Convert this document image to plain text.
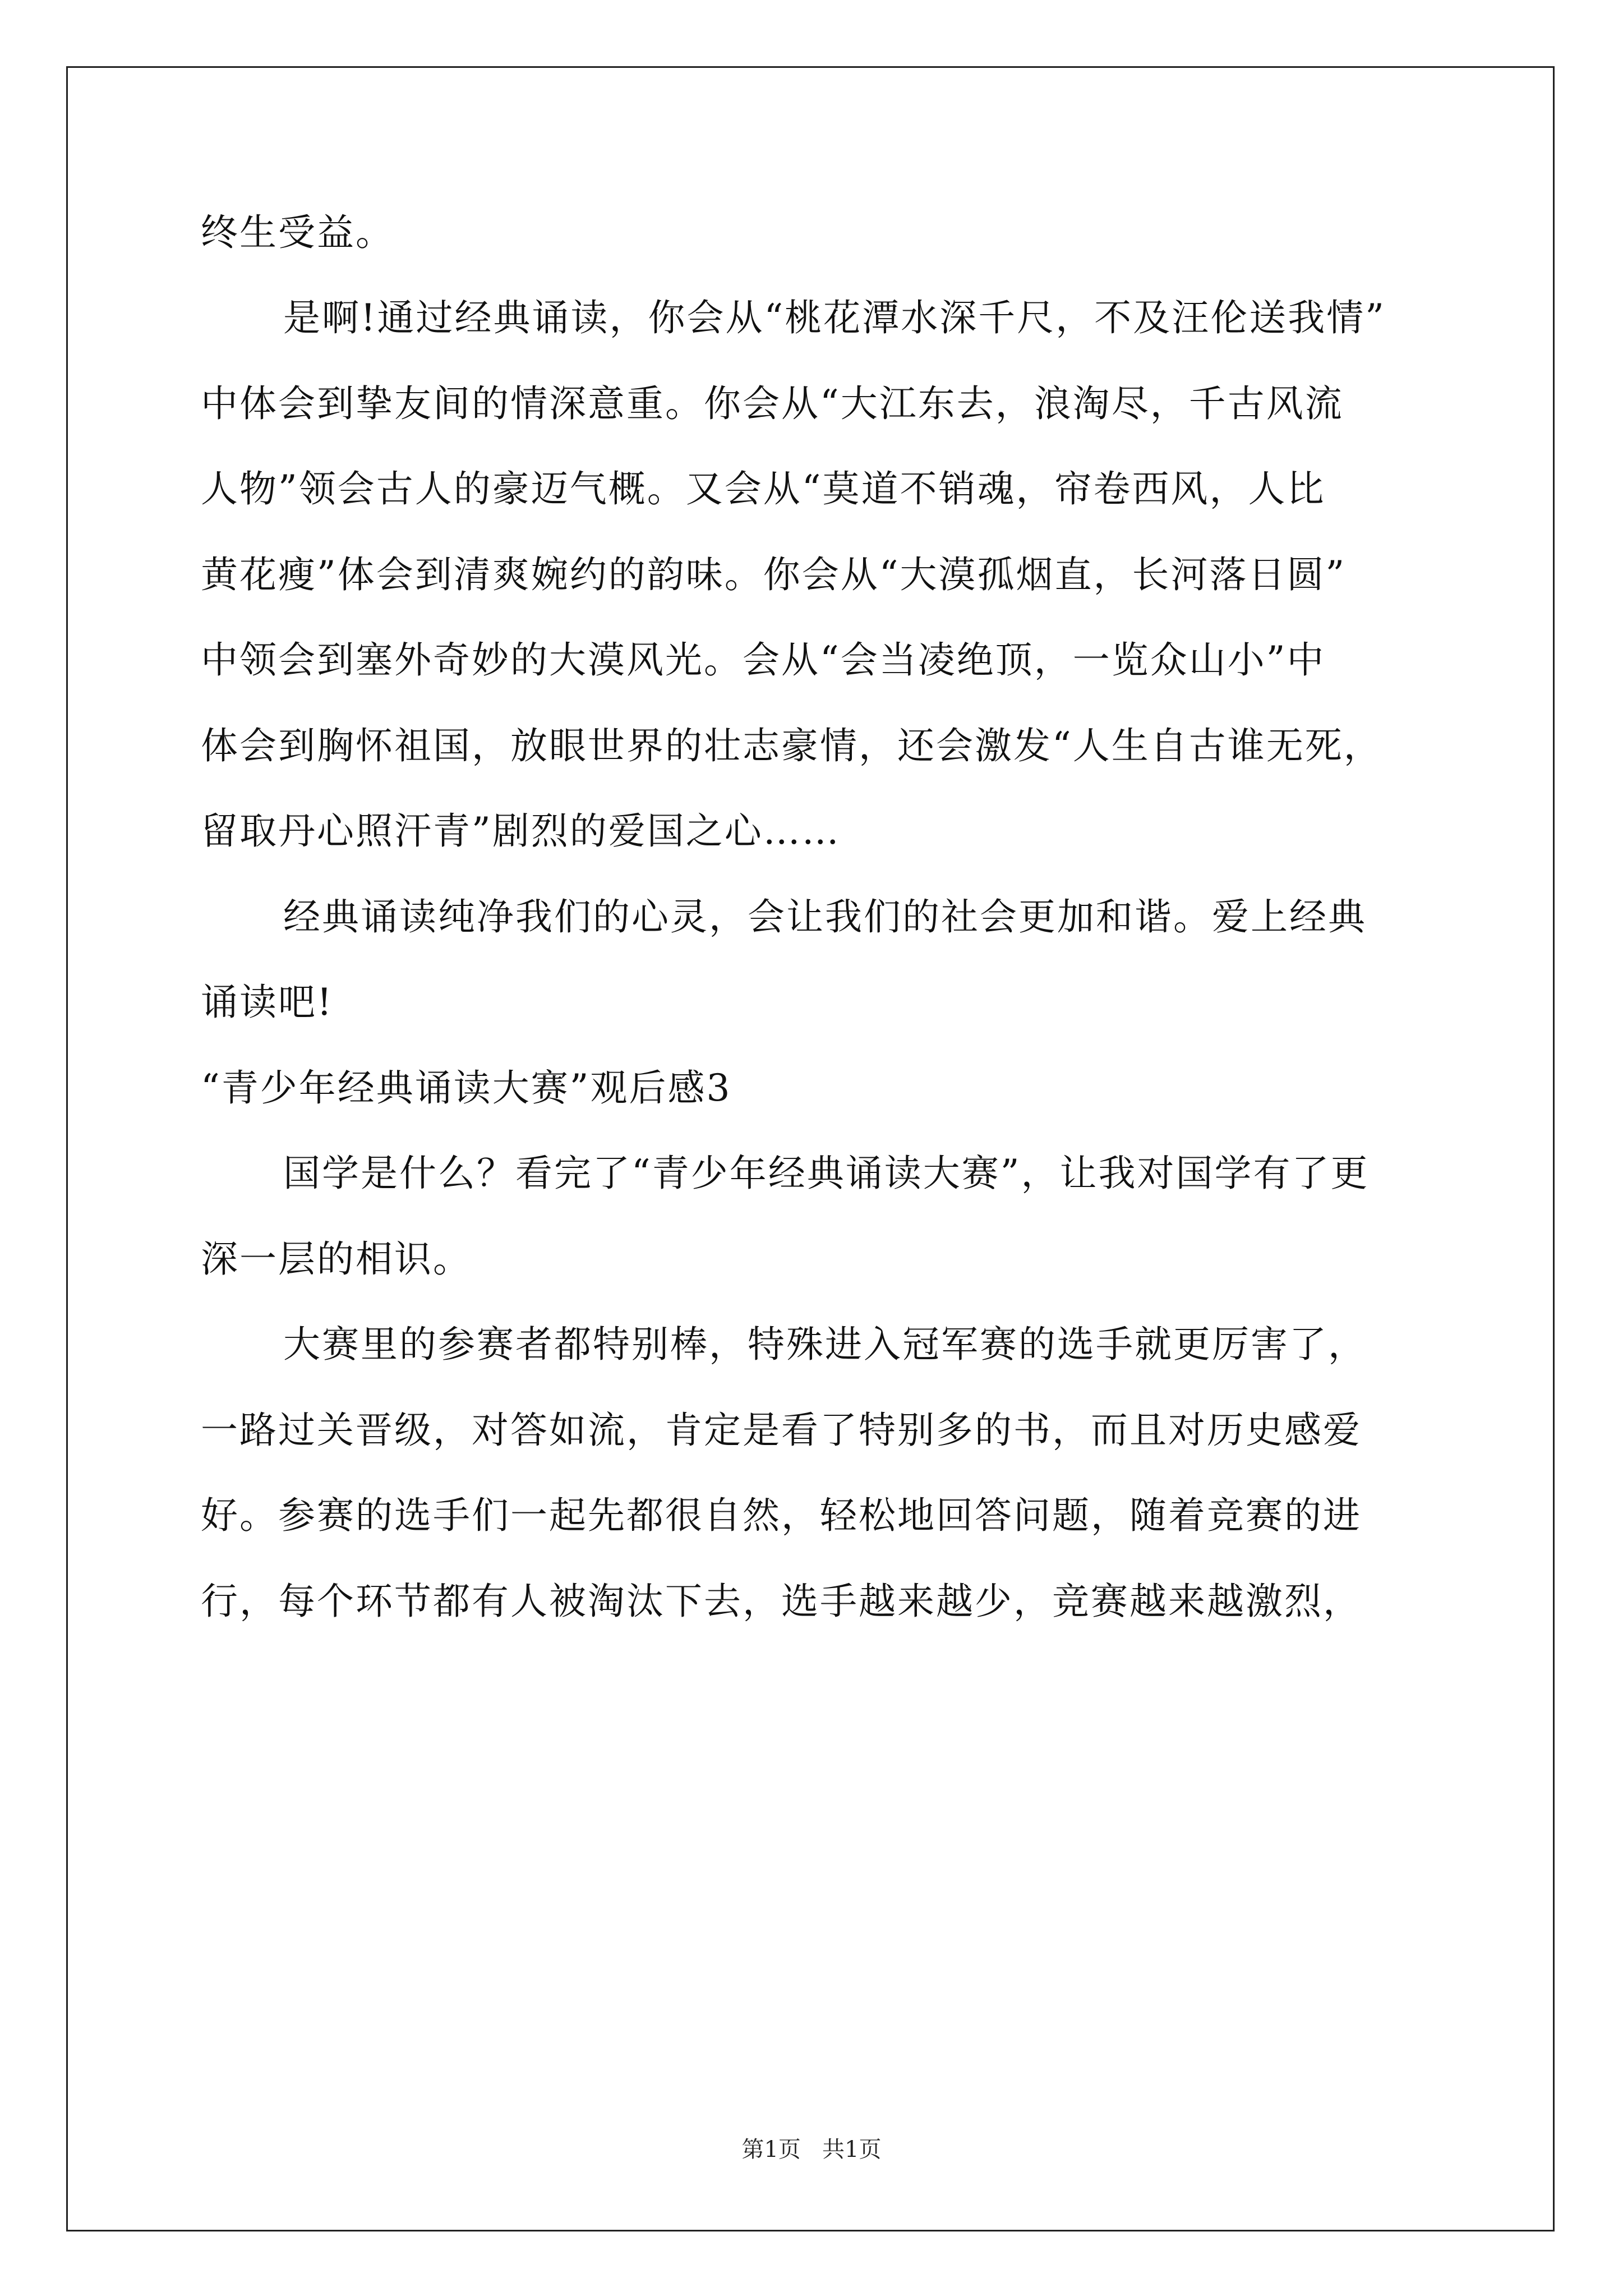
终生受益。
是啊!通过经典诵读，你会从“桃花潭水深千尺，不及汪伦送我情”
中体会到挚友间的情深意重。你会从“大江东去，浪淘尽，千古风流
人物”领会古人的豪迈气概。又会从“莫道不销魂，帘卷西风，人比
黄花瘦”体会到清爽婉约的韵味。你会从“大漠孤烟直，长河落日圆”
中领会到塞外奇妙的大漠风光。会从“会当凌绝顶，一览众山小”中
体会到胸怀祖国，放眼世界的壮志豪情，还会激发“人生自古谁无死，
留取丹心照汗青”剧烈的爱国之心……
经典诵读纯净我们的心灵，会让我们的社会更加和谐。爱上经典
诵读吧!
“青少年经典诵读大赛”观后感3
国学是什么？看完了“青少年经典诵读大赛”，让我对国学有了更
深一层的相识。
大赛里的参赛者都特别棒，特殊进入冠军赛的选手就更厉害了，
一路过关晋级，对答如流，肯定是看了特别多的书，而且对历史感爱
好。参赛的选手们一起先都很自然，轻松地回答问题，随着竞赛的进
行，每个环节都有人被淘汰下去，选手越来越少，竞赛越来越激烈，
第1页   共1页
